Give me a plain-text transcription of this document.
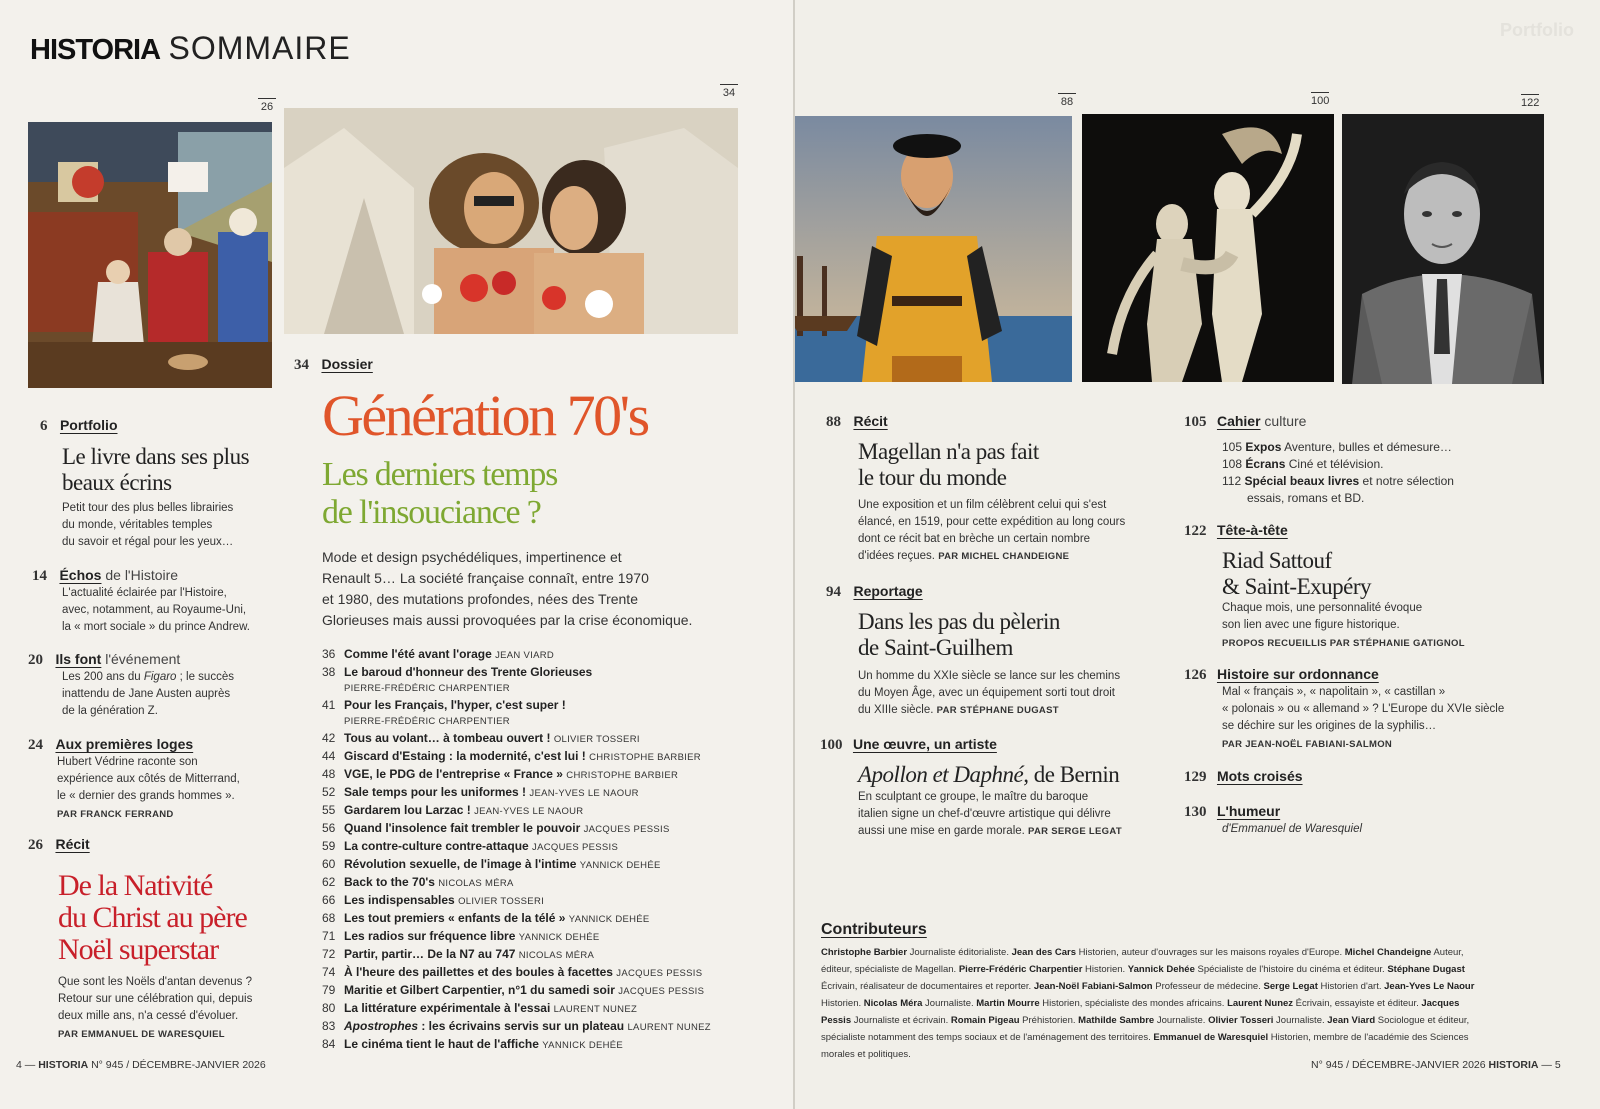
HISTORIA SOMMAIRE
26
34
6 Portfolio
Le livre dans ses plus
beaux écrins
Petit tour des plus belles librairies
du monde, véritables temples
du savoir et régal pour les yeux…
14 Échos de l'Histoire
L'actualité éclairée par l'Histoire,
avec, notamment, au Royaume-Uni,
la « mort sociale » du prince Andrew.
20 Ils font l'événement
Les 200 ans du Figaro ; le succès
inattendu de Jane Austen auprès
de la génération Z.
24 Aux premières loges
Hubert Védrine raconte son
expérience aux côtés de Mitterrand,
le « dernier des grands hommes ».
PAR FRANCK FERRAND
26 Récit
De la Nativité
du Christ au père
Noël superstar
Que sont les Noëls d'antan devenus ?
Retour sur une célébration qui, depuis
deux mille ans, n'a cessé d'évoluer.
PAR EMMANUEL DE WARESQUIEL
34 Dossier
Génération 70's
Les derniers temps
de l'insouciance ?
Mode et design psychédéliques, impertinence et
Renault 5… La société française connaît, entre 1970
et 1980, des mutations profondes, nées des Trente
Glorieuses mais aussi provoquées par la crise économique.
36 Comme l'été avant l'orage JEAN VIARD
38 Le baroud d'honneur des Trente Glorieuses
PIERRE-FRÉDÉRIC CHARPENTIER
41 Pour les Français, l'hyper, c'est super !
PIERRE-FRÉDÉRIC CHARPENTIER
42 Tous au volant… à tombeau ouvert ! OLIVIER TOSSERI
44 Giscard d'Estaing : la modernité, c'est lui ! CHRISTOPHE BARBIER
48 VGE, le PDG de l'entreprise « France » CHRISTOPHE BARBIER
52 Sale temps pour les uniformes ! JEAN-YVES LE NAOUR
55 Gardarem lou Larzac ! JEAN-YVES LE NAOUR
56 Quand l'insolence fait trembler le pouvoir JACQUES PESSIS
59 La contre-culture contre-attaque JACQUES PESSIS
60 Révolution sexuelle, de l'image à l'intime YANNICK DEHÉE
62 Back to the 70's NICOLAS MÉRA
66 Les indispensables OLIVIER TOSSERI
68 Les tout premiers « enfants de la télé » YANNICK DEHÉE
71 Les radios sur fréquence libre YANNICK DEHÉE
72 Partir, partir… De la N7 au 747 NICOLAS MÉRA
74 À l'heure des paillettes et des boules à facettes JACQUES PESSIS
79 Maritie et Gilbert Carpentier, n°1 du samedi soir JACQUES PESSIS
80 La littérature expérimentale à l'essai LAURENT NUNEZ
83 Apostrophes : les écrivains servis sur un plateau LAURENT NUNEZ
84 Le cinéma tient le haut de l'affiche YANNICK DEHÉE
4 — HISTORIA N° 945 / DÉCEMBRE-JANVIER 2026
Portfolio
88	100	122
88 Récit
Magellan n'a pas fait
le tour du monde
Une exposition et un film célèbrent celui qui s'est
élancé, en 1519, pour cette expédition au long cours
dont ce récit bat en brèche un certain nombre
d'idées reçues. PAR MICHEL CHANDEIGNE
94 Reportage
Dans les pas du pèlerin
de Saint-Guilhem
Un homme du XXIe siècle se lance sur les chemins
du Moyen Âge, avec un équipement sorti tout droit
du XIIIe siècle. PAR STÉPHANE DUGAST
100 Une œuvre, un artiste
Apollon et Daphné, de Bernin
En sculptant ce groupe, le maître du baroque
italien signe un chef-d'œuvre artistique qui délivre
aussi une mise en garde morale. PAR SERGE LEGAT
105 Cahier culture
105 Expos Aventure, bulles et démesure…
108 Écrans Ciné et télévision.
112 Spécial beaux livres et notre sélection
essais, romans et BD.
122 Tête-à-tête
Riad Sattouf
& Saint-Exupéry
Chaque mois, une personnalité évoque
son lien avec une figure historique.
PROPOS RECUEILLIS PAR STÉPHANIE GATIGNOL
126 Histoire sur ordonnance
Mal « français », « napolitain », « castillan »
« polonais » ou « allemand » ? L'Europe du XVIe siècle
se déchire sur les origines de la syphilis…
PAR JEAN-NOËL FABIANI-SALMON
129 Mots croisés
130 L'humeur
d'Emmanuel de Waresquiel
Contributeurs
Christophe Barbier Journaliste éditorialiste. Jean des Cars Historien, auteur d'ouvrages sur les maisons royales d'Europe. Michel Chandeigne Auteur,
éditeur, spécialiste de Magellan. Pierre-Frédéric Charpentier Historien. Yannick Dehée Spécialiste de l'histoire du cinéma et éditeur. Stéphane Dugast
Écrivain, réalisateur de documentaires et reporter. Jean-Noël Fabiani-Salmon Professeur de médecine. Serge Legat Historien d'art. Jean-Yves Le Naour
Historien. Nicolas Méra Journaliste. Martin Mourre Historien, spécialiste des mondes africains. Laurent Nunez Écrivain, essayiste et éditeur. Jacques
Pessis Journaliste et écrivain. Romain Pigeau Préhistorien. Mathilde Sambre Journaliste. Olivier Tosseri Journaliste. Jean Viard Sociologue et éditeur,
spécialiste notamment des temps sociaux et de l'aménagement des territoires. Emmanuel de Waresquiel Historien, membre de l'académie des Sciences
morales et politiques.
N° 945 / DÉCEMBRE-JANVIER 2026 HISTORIA — 5
